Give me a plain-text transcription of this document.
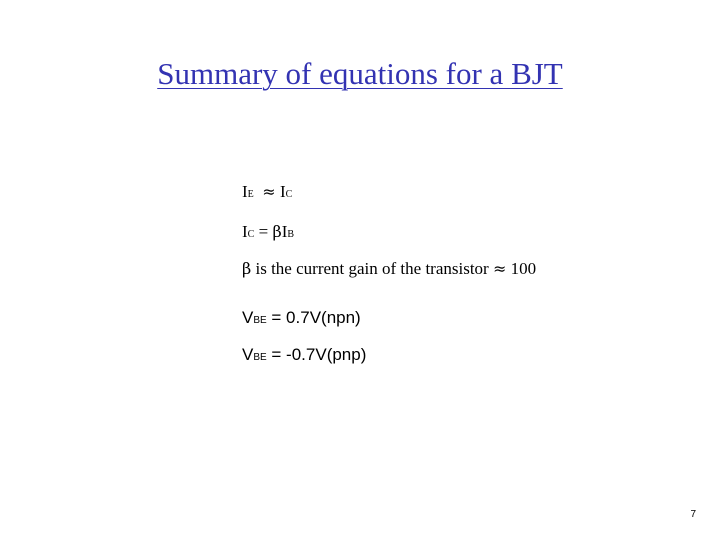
Summary of equations for a BJT
IE ≈ IC
IC = βIB
β is the current gain of the transistor ≈ 100
VBE = 0.7V(npn)
VBE = -0.7V(pnp)
7
